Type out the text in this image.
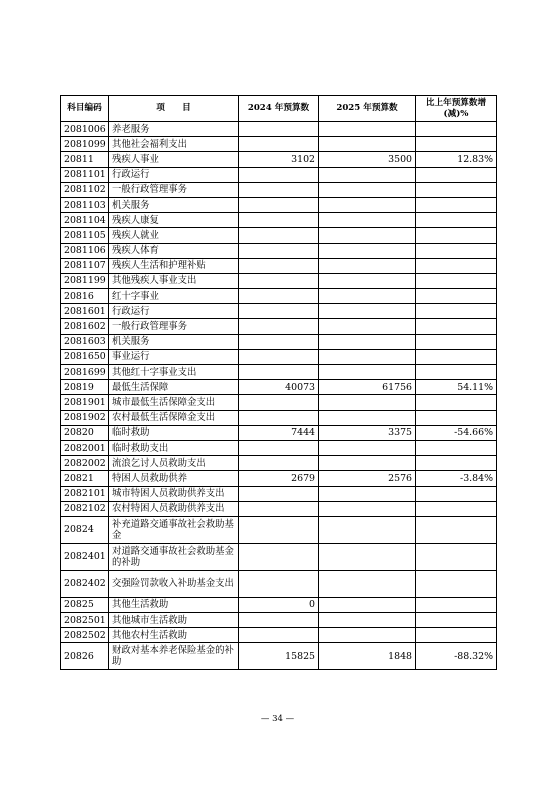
科目编码	项　　目	2024 年预算数	2025 年预算数	比上年预算数增(减)%
2081006	养老服务			
2081099	其他社会福利支出			
20811	残疾人事业	3102	3500	12.83%
2081101	行政运行			
2081102	一般行政管理事务			
2081103	机关服务			
2081104	残疾人康复			
2081105	残疾人就业			
2081106	残疾人体育			
2081107	残疾人生活和护理补贴			
2081199	其他残疾人事业支出			
20816	红十字事业			
2081601	行政运行			
2081602	一般行政管理事务			
2081603	机关服务			
2081650	事业运行			
2081699	其他红十字事业支出			
20819	最低生活保障	40073	61756	54.11%
2081901	城市最低生活保障金支出			
2081902	农村最低生活保障金支出			
20820	临时救助	7444	3375	-54.66%
2082001	临时救助支出			
2082002	流浪乞讨人员救助支出			
20821	特困人员救助供养	2679	2576	-3.84%
2082101	城市特困人员救助供养支出			
2082102	农村特困人员救助供养支出			
20824	补充道路交通事故社会救助基金			
2082401	对道路交通事故社会救助基金的补助			
2082402	交强险罚款收入补助基金支出			
20825	其他生活救助	0		
2082501	其他城市生活救助			
2082502	其他农村生活救助			
20826	财政对基本养老保险基金的补助	15825	1848	-88.32%
— 34 —
